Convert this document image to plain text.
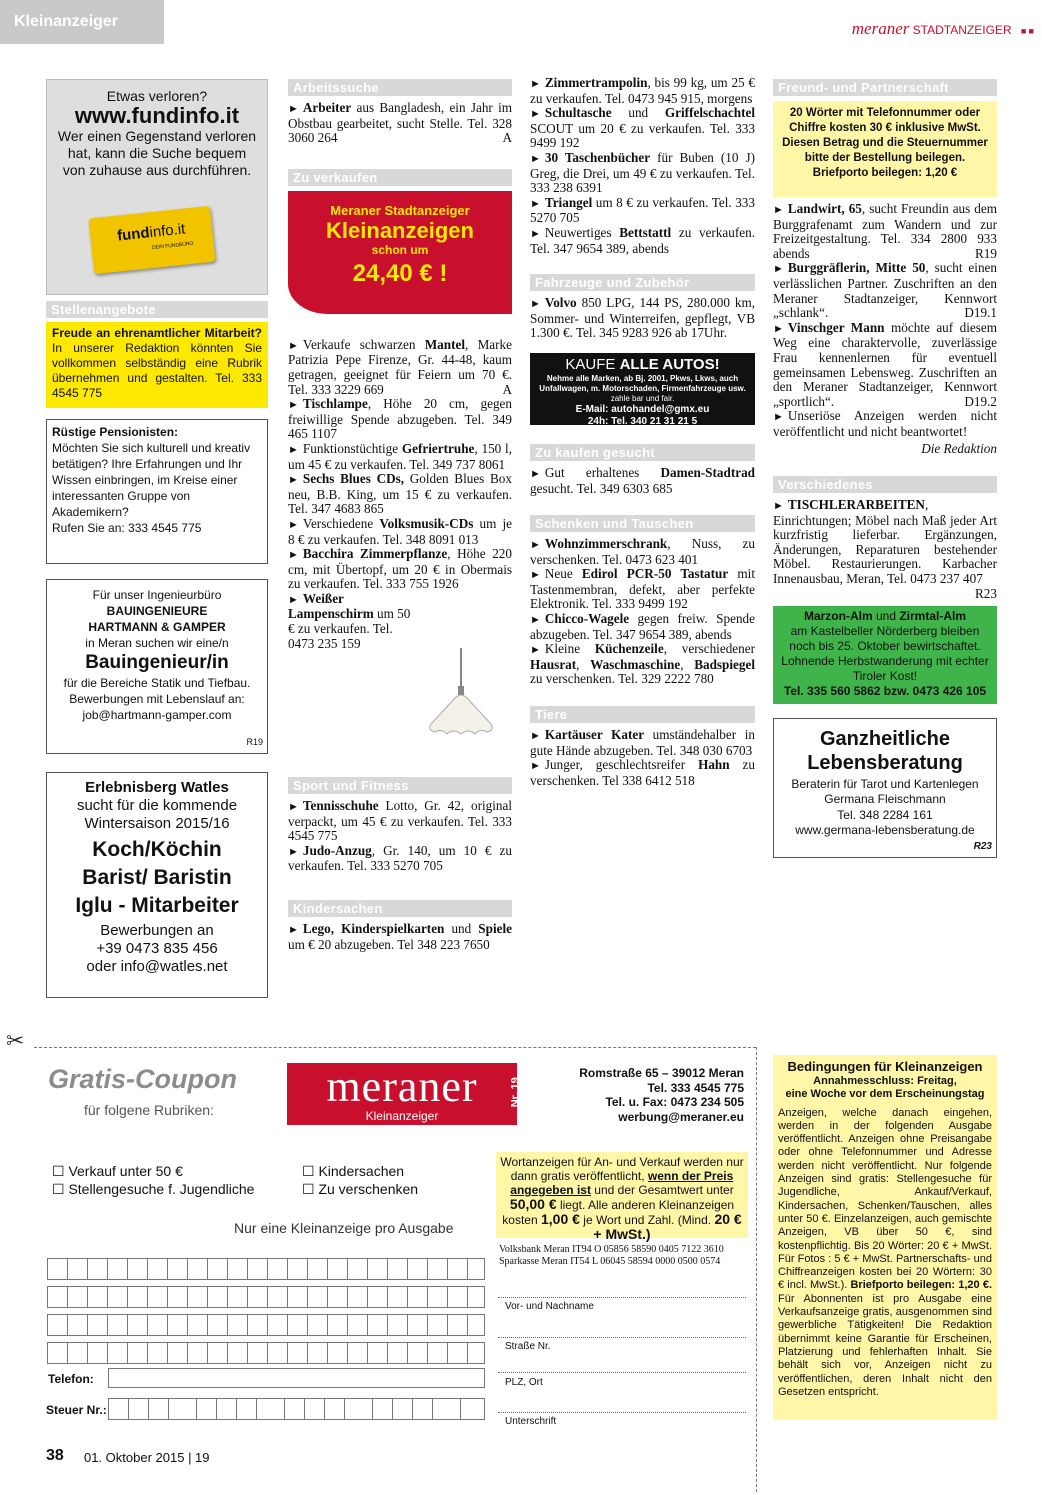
Kleinanzeiger	meraner STADTANZEIGER ■ ■
Etwas verloren?
www.fundinfo.it
Wer einen Gegenstand verloren hat, kann die Suche bequem von zuhause aus durchführen.
fundinfo.it
DEIN FUNDBÜRO
Stellenangebote
Freude an ehrenamtlicher Mitarbeit? In unserer Redaktion könnten Sie vollkommen selbständig eine Rubrik übernehmen und gestalten. Tel. 333 4545 775
Rüstige Pensionisten:
Möchten Sie sich kulturell und kreativ betätigen? Ihre Erfahrungen und Ihr Wissen einbringen, im Kreise einer interessanten Gruppe von Akademikern?
Rufen Sie an: 333 4545 775
Für unser Ingenieurbüro
BAUINGENIEURE
HARTMANN & GAMPER
in Meran suchen wir eine/n
Bauingenieur/in
für die Bereiche Statik und Tiefbau.
Bewerbungen mit Lebenslauf an:
job@hartmann-gamper.com
R19
Erlebnisberg Watles
sucht für die kommende
Wintersaison 2015/16
Koch/Köchin
Barist/ Baristin
Iglu - Mitarbeiter
Bewerbungen an
+39 0473 835 456
oder info@watles.net
Arbeitssuche

► Arbeiter aus Bangladesh, ein Jahr im Obstbau gearbeitet, sucht Stelle. Tel. 328 3060 264	A

Zu verkaufen
Meraner Stadtanzeiger
Kleinanzeigen
schon um
24,40 € !

► Verkaufe schwarzen Mantel, Marke Patrizia Pepe Firenze, Gr. 44-48, kaum getragen, geeignet für Feiern um 70 €. Tel. 333 3229 669	A

► Tischlampe, Höhe 20 cm, gegen freiwillige Spende abzugeben. Tel. 349 465 1107

► Funktionstüchtige Gefriertruhe, 150 l, um 45 € zu verkaufen. Tel. 349 737 8061

► Sechs Blues CDs, Golden Blues Box neu, B.B. King, um 15 € zu verkaufen. Tel. 347 4683 865

► Verschiedene Volksmusik-CDs um je 8 € zu verkaufen. Tel. 348 8091 013

► Bacchira Zimmerpflanze, Höhe 220 cm, mit Übertopf, um 20 € in Obermais zu verkaufen. Tel. 333 755 1926

► Weißer Lampenschirm um 50 € zu verkaufen. Tel. 0473 235 159

Sport und Fitness

► Tennisschuhe Lotto, Gr. 42, original verpackt, um 45 € zu verkaufen. Tel. 333 4545 775

► Judo-Anzug, Gr. 140, um 10 € zu verkaufen. Tel. 333 5270 705

Kindersachen

► Lego, Kinderspielkarten und Spiele um € 20 abzugeben. Tel 348 223 7650

► Zimmertrampolin, bis 99 kg, um 25 € zu verkaufen. Tel. 0473 945 915, morgens

► Schultasche und Griffelschachtel SCOUT um 20 € zu verkaufen. Tel. 333 9499 192

► 30 Taschenbücher für Buben (10 J) Greg, die Drei, um 49 € zu verkaufen. Tel. 333 238 6391

► Triangel um 8 € zu verkaufen. Tel. 333 5270 705

► Neuwertiges Bettstattl zu verkaufen. Tel. 347 9654 389, abends

Fahrzeuge und Zubehör

► Volvo 850 LPG, 144 PS, 280.000 km, Sommer- und Winterreifen, gepflegt, VB 1.300 €. Tel. 345 9283 926 ab 17Uhr.

KAUFE ALLE AUTOS!
Nehme alle Marken, ab Bj. 2001, Pkws, Lkws, auch Unfallwagen, m. Motorschaden, Firmenfahrzeuge usw. zahle bar und fair.
E-Mail: autohandel@gmx.eu
24h: Tel. 340 21 31 21 5
Zu kaufen gesucht

► Gut erhaltenes Damen-Stadtrad gesucht. Tel. 349 6303 685

Schenken und Tauschen

► Wohnzimmerschrank, Nuss, zu verschenken. Tel. 0473 623 401

► Neue Edirol PCR-50 Tastatur mit Tastenmembran, defekt, aber perfekte Elektronik. Tel. 333 9499 192

► Chicco-Wagele gegen freiw. Spende abzugeben. Tel. 347 9654 389, abends

► Kleine Küchenzeile, verschiedener Hausrat, Waschmaschine, Badspiegel zu verschenken. Tel. 329 2222 780

Tiere

► Kartäuser Kater umständehalber in gute Hände abzugeben. Tel. 348 030 6703

► Junger, geschlechtsreifer Hahn zu verschenken. Tel 338 6412 518

Freund- und Partnerschaft
20 Wörter mit Telefonnummer oder Chiffre kosten 30 € inklusive MwSt. Diesen Betrag und die Steuernummer bitte der Bestellung beilegen. Briefporto beilegen: 1,20 €

► Landwirt, 65, sucht Freundin aus dem Burggrafenamt zum Wandern und zur Freizeitgestaltung. Tel. 334 2800 933 abends	R19

► Burggräflerin, Mitte 50, sucht einen verlässlichen Partner. Zuschriften an den Meraner Stadtanzeiger, Kennwort „schlank“.	D19.1

► Vinschger Mann möchte auf diesem Weg eine charaktervolle, zuverlässige Frau kennenlernen für eventuell gemeinsamen Lebensweg. Zuschriften an den Meraner Stadtanzeiger, Kennwort „sportlich“.	D19.2

► Unseriöse Anzeigen werden nicht veröffentlicht und nicht beantwortet!

Die Redaktion

Verschiedenes

► TISCHLERARBEITEN, Einrichtungen; Möbel nach Maß jeder Art kurzfristig lieferbar. Ergänzungen, Änderungen, Reparaturen bestehender Möbel. Restaurierungen. Karbacher Innenausbau, Meran, Tel. 0473 237 407
R23

Marzon-Alm und Zirmtal-Alm
am Kastelbeller Nörderberg bleiben noch bis 25. Oktober bewirtschaftet. Lohnende Herbstwanderung mit echter Tiroler Kost!
Tel. 335 560 5862 bzw. 0473 426 105
Ganzheitliche
Lebensberatung
Beraterin für Tarot und Kartenlegen
Germana Fleischmann
Tel. 348 2284 161
www.germana-lebensberatung.de
R23
✂
Gratis-Coupon
für folgene Rubriken:	meraner
Kleinanzeiger
Nr. 19
Romstraße 65 – 39012 Meran
Tel. 333 4545 775
Tel. u. Fax: 0473 234 505
werbung@meraner.eu
☐ Verkauf unter 50 €
☐ Stellengesuche f. Jugendliche
☐ Kindersachen
☐ Zu verschenken
Nur eine Kleinanzeige pro Ausgabe
Telefon:
Steuer Nr.:
Wortanzeigen für An- und Verkauf werden nur dann gratis veröffentlicht, wenn der Preis angegeben ist und der Gesamtwert unter 50,00 € liegt. Alle anderen Kleinanzeigen kosten 1,00 € je Wort und Zahl. (Mind. 20 € + MwSt.)
Volksbank Meran IT94 O 05856 58590 0405 7122 3610
Sparkasse Meran IT54 L 06045 58594 0000 0500 0574
Vor- und Nachname
Straße Nr.
PLZ, Ort
Unterschrift
Bedingungen für Kleinanzeigen
Annahmesschluss: Freitag,
eine Woche vor dem Erscheinungstag
Anzeigen, welche danach eingehen, werden in der folgenden Ausgabe veröffentlicht. Anzeigen ohne Preisangabe oder ohne Telefonnummer und Adresse werden nicht veröffentlicht. Nur folgende Anzeigen sind gratis: Stellengesuche für Jugendliche, Ankauf/Verkauf, Kindersachen, Schenken/Tauschen, alles unter 50 €. Einzelanzeigen, auch gemischte Anzeigen, VB über 50 €, sind kostenpflichtig. Bis 20 Wörter: 20 € + MwSt. Für Fotos : 5 € + MwSt. Partnerschafts- und Chiffreanzeigen kosten bei 20 Wörtern: 30 € incl. MwSt.). Briefporto beilegen: 1,20 €. Für Abonnenten ist pro Ausgabe eine Verkaufsanzeige gratis, ausgenommen sind gewerbliche Tätigkeiten! Die Redaktion übernimmt keine Garantie für Erscheinen, Platzierung und fehlerhaften Inhalt. Sie behält sich vor, Anzeigen nicht zu veröffentlichen, deren Inhalt nicht den Gesetzen entspricht.
38 01. Oktober 2015 | 19
